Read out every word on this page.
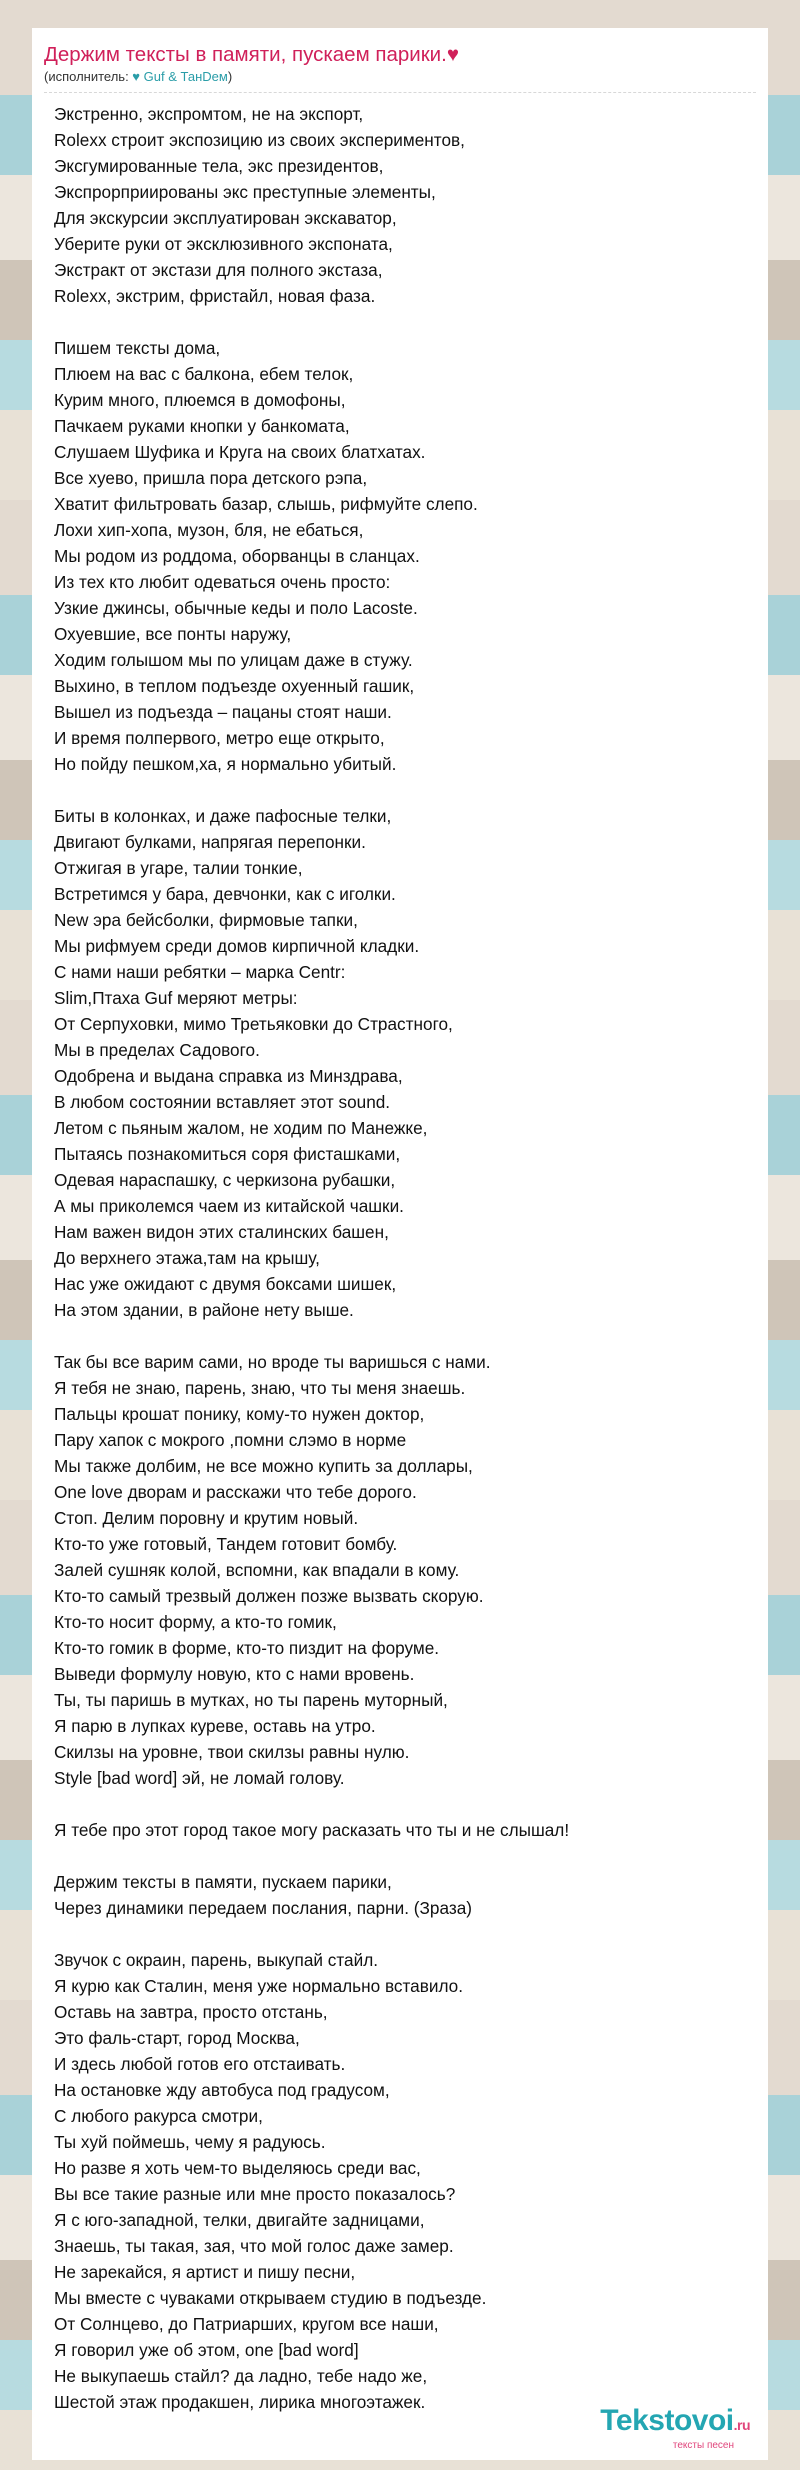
Держим тексты в памяти, пускаем парики.♥
(исполнитель: ♥ Guf & ТанDем)
Экстренно, экспромтом, не на экспорт,
Rolexx строит экспозицию из своих экспериментов,
Эксгумированные тела, экс президентов,
Экспрорприированы экс преступные элементы,
Для экскурсии эксплуатирован экскаватор,
Уберите руки от эксклюзивного экспоната,
Экстракт от экстази для полного экстаза,
Rolexx, экстрим, фристайл, новая фаза.
Пишем тексты дома,
Плюем на вас с балкона, ебем телок,
Курим много, плюемся в домофоны,
Пачкаем руками кнопки у банкомата,
Слушаем Шуфика и Круга на своих блатхатах.
Все хуево, пришла пора детского рэпа,
Хватит фильтровать базар, слышь, рифмуйте слепо.
Лохи хип-хопа, музон, бля, не ебаться,
Мы родом из роддома, оборванцы в сланцах.
Из тех кто любит одеваться очень просто:
Узкие джинсы, обычные кеды и поло Lacoste.
Охуевшие, все понты наружу,
Ходим голышом мы по улицам даже в стужу.
Выхино, в теплом подъезде охуенный гашик,
Вышел из подъезда – пацаны стоят наши.
И время полпервого, метро еще открыто,
Но пойду пешком,ха, я нормально убитый.
Биты в колонках, и даже пафосные телки,
Двигают булками, напрягая перепонки.
Отжигая в угаре, талии тонкие,
Встретимся у бара, девчонки, как с иголки.
New эра бейсболки, фирмовые тапки,
Мы рифмуем среди домов кирпичной кладки.
С нами наши ребятки – марка Centr:
Slim,Птаха Guf меряют метры:
От Серпуховки, мимо Третьяковки до Страстного,
Мы в пределах Садового.
Одобрена и выдана справка из Минздрава,
В любом состоянии вставляет этот sound.
Летом с пьяным жалом, не ходим по Манежке,
Пытаясь познакомиться соря фисташками,
Одевая нараспашку, с черкизона рубашки,
А мы приколемся чаем из китайской чашки.
Нам важен видон этих сталинских башен,
До верхнего этажа,там на крышу,
Нас уже ожидают с двумя боксами шишек,
На этом здании, в районе нету выше.
Так бы все варим сами, но вроде ты варишься с нами.
Я тебя не знаю, парень, знаю, что ты меня знаешь.
Пальцы крошат понику, кому-то нужен доктор,
Пару хапок с мокрого ,помни слэмо в норме
Мы также долбим, не все можно купить за доллары,
One love дворам и расскажи что тебе дорого.
Стоп. Делим поровну и крутим новый.
Кто-то уже готовый, Тандем готовит бомбу.
Залей сушняк колой, вспомни, как впадали в кому.
Кто-то самый трезвый должен позже вызвать скорую.
Кто-то носит форму, а кто-то гомик,
Кто-то гомик в форме, кто-то пиздит на форуме.
Выведи формулу новую, кто с нами вровень.
Ты, ты паришь в мутках, но ты парень муторный,
Я парю в лупках куреве, оставь на утро.
Скилзы на уровне, твои скилзы равны нулю.
Style [bad word] эй, не ломай голову.
Я тебе про этот город такое могу расказать что ты и не слышал!
Держим тексты в памяти, пускаем парики,
Через динамики передаем послания, парни. (Зраза)
Звучок с окраин, парень, выкупай стайл.
Я курю как Сталин, меня уже нормально вставило.
Оставь на завтра, просто отстань,
Это фаль-старт, город Москва,
И здесь любой готов его отстаивать.
На остановке жду автобуса под градусом,
С любого ракурса смотри,
Ты хуй поймешь, чему я радуюсь.
Но разве я хоть чем-то выделяюсь среди вас,
Вы все такие разные или мне просто показалось?
Я с юго-западной, телки, двигайте задницами,
Знаешь, ты такая, зая, что мой голос даже замер.
Не зарекайся, я артист и пишу песни,
Мы вместе с чуваками открываем студию в подъезде.
От Солнцево, до Патриарших, кругом все наши,
Я говорил уже об этом, one [bad word]
Не выкупаешь стайл? да ладно, тебе надо же,
Шестой этаж продакшен, лирика многоэтажек.
Tekstovoi.ru
тексты песен
